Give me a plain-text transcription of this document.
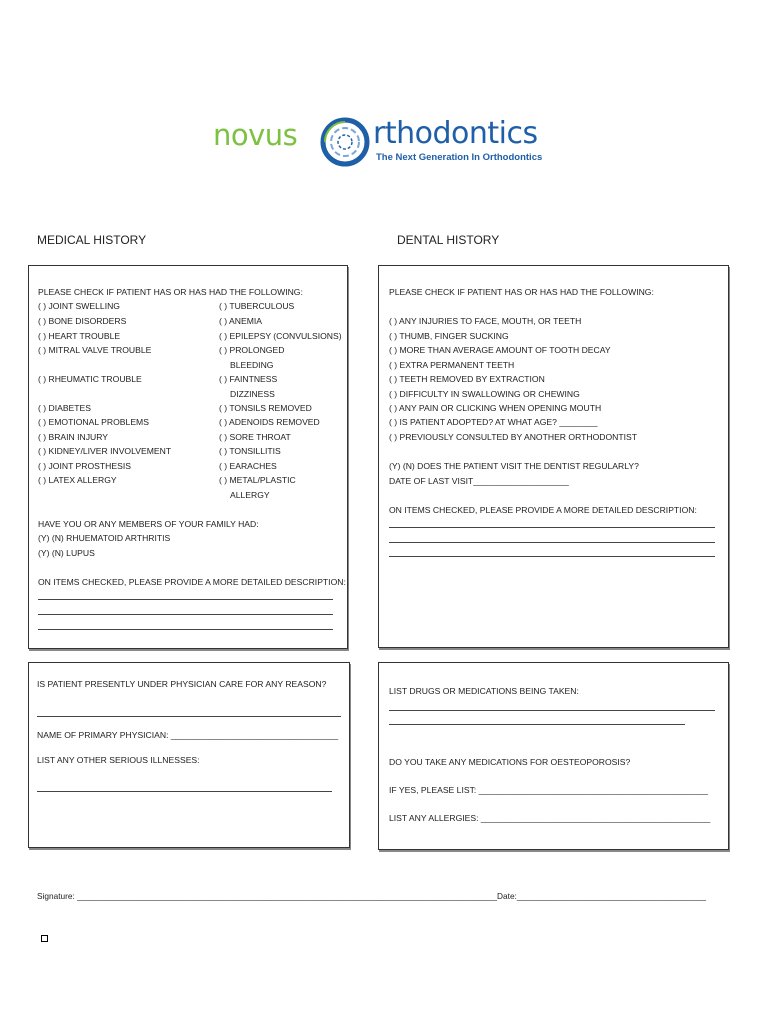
novus	rthodontics
The Next Generation In Orthodontics
MEDICAL HISTORY	DENTAL HISTORY
PLEASE CHECK IF PATIENT HAS OR HAS HAD THE FOLLOWING:
( ) JOINT SWELLING
( ) BONE DISORDERS
( ) HEART TROUBLE
( ) MITRAL VALVE TROUBLE
( ) RHEUMATIC TROUBLE
( ) DIABETES
( ) EMOTIONAL PROBLEMS
( ) BRAIN INJURY
( ) KIDNEY/LIVER INVOLVEMENT
( ) JOINT PROSTHESIS
( ) LATEX ALLERGY
( ) TUBERCULOUS
( ) ANEMIA
( ) EPILEPSY (CONVULSIONS)
( ) PROLONGED
BLEEDING
( ) FAINTNESS
DIZZINESS
( ) TONSILS REMOVED
( ) ADENOIDS REMOVED
( ) SORE THROAT
( ) TONSILLITIS
( ) EARACHES
( ) METAL/PLASTIC
ALLERGY
HAVE YOU OR ANY MEMBERS OF YOUR FAMILY HAD:
(Y) (N) RHUEMATOID ARTHRITIS
(Y) (N) LUPUS
ON ITEMS CHECKED, PLEASE PROVIDE A MORE DETAILED DESCRIPTION:
PLEASE CHECK IF PATIENT HAS OR HAS HAD THE FOLLOWING:
( ) ANY INJURIES TO FACE, MOUTH, OR TEETH
( ) THUMB, FINGER SUCKING
( ) MORE THAN AVERAGE AMOUNT OF TOOTH DECAY
( ) EXTRA PERMANENT TEETH
( ) TEETH REMOVED BY EXTRACTION
( ) DIFFICULTY IN SWALLOWING OR CHEWING
( ) ANY PAIN OR CLICKING WHEN OPENING MOUTH
( ) IS PATIENT ADOPTED? AT WHAT AGE? ________
( ) PREVIOUSLY CONSULTED BY ANOTHER ORTHODONTIST
(Y) (N) DOES THE PATIENT VISIT THE DENTIST REGULARLY?
DATE OF LAST VISIT____________________
ON ITEMS CHECKED, PLEASE PROVIDE A MORE DETAILED DESCRIPTION:
IS PATIENT PRESENTLY UNDER PHYSICIAN CARE FOR ANY REASON?
NAME OF PRIMARY PHYSICIAN: ___________________________________
LIST ANY OTHER SERIOUS ILLNESSES:
LIST DRUGS OR MEDICATIONS BEING TAKEN:
DO YOU TAKE ANY MEDICATIONS FOR OESTEOPOROSIS?
IF YES, PLEASE LIST: ________________________________________________
LIST ANY ALLERGIES: ________________________________________________
Signature: ___________________________________________________________________________________________Date:_________________________________________
